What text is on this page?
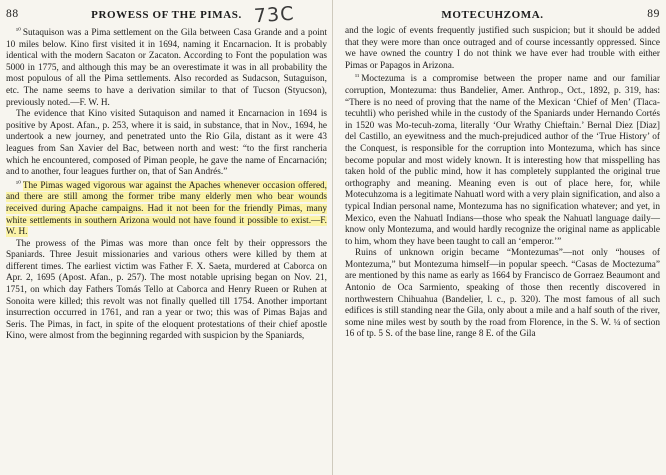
88	PROWESS OF THE PIMAS. 73C

$^{^{10}}$ Sutaquison was a Pima settlement on the Gila between Casa Grande and a point 10 miles below. Kino first visited it in 1694, naming it Encarnacion. It is probably identical with the modern Sacaton or Zacaton. According to Font the population was 5000 in 1775, and although this may be an overestimate it was in all probability the most populous of all the Pima settlements. Also recorded as Sudacson, Sutaguison, etc. The name seems to have a derivation similar to that of Tucson (Styucson), previously noted.—F. W. H.

The evidence that Kino visited Sutaquison and named it Encarnacion in 1694 is positive by Apost. Afan., p. 253, where it is said, in substance, that in Nov., 1694, he undertook a new journey, and penetrated unto the Rio Gila, distant as it were 43 leagues from San Xavier del Bac, between north and west: “to the first rancheria which he encountered, composed of Piman people, he gave the name of Encarnación; and to another, four leagues further on, that of San Andrés.”

$^{^{10}}$ The Pimas waged vigorous war against the Apaches whenever occasion offered, and there are still among the former tribe many elderly men who bear wounds received during Apache campaigns. Had it not been for the friendly Pimas, many white settlements in southern Arizona would not have found it possible to exist.—F. W. H.

The prowess of the Pimas was more than once felt by their oppressors the Spaniards. Three Jesuit missionaries and various others were killed by them at different times. The earliest victim was Father F. X. Saeta, murdered at Caborca on Apr. 2, 1695 (Apost. Afan., p. 257). The most notable uprising began on Nov. 21, 1751, on which day Fathers Tomás Tello at Caborca and Henry Rueen or Ruhen at Sonoita were killed; this revolt was not finally quelled till 1754. Another important insurrection occurred in 1761, and ran a year or two; this was of Pimas Bajas and Seris. The Pimas, in fact, in spite of the eloquent protestations of their chief apostle Kino, were almost from the beginning regarded with suspicion by the Spaniards,

MOTECUHZOMA.	89

and the logic of events frequently justified such suspicion; but it should be added that they were more than once outraged and of course incessantly oppressed. Since we have owned the country I do not think we have ever had trouble with either Pimas or Papagos in Arizona.

$^{^{11}}$ Moctezuma is a compromise between the proper name and our familiar corruption, Montezuma: thus Bandelier, Amer. Anthrop., Oct., 1892, p. 319, has: “There is no need of proving that the name of the Mexican ‘Chief of Men’ (Tlaca-tecuhtli) who perished while in the custody of the Spaniards under Hernando Cortés in 1520 was Mo-tecuh-zoma, literally ‘Our Wrathy Chieftain.’ Bernal Diez [Diaz] del Castillo, an eyewitness and the much-prejudiced author of the ‘True History’ of the Conquest, is responsible for the corruption into Montezuma, which has since become popular and most widely known. It is interesting how that misspelling has taken hold of the public mind, how it has completely supplanted the original true orthography and meaning. Meaning even is out of place here, for, while Motecuhzoma is a legitimate Nahuatl word with a very plain signification, and also a typical Indian personal name, Montezuma has no signification whatever; and yet, in Mexico, even the Nahuatl Indians—those who speak the Nahuatl language daily—know only Montezuma, and would hardly recognize the original name as applicable to him, whom they have been taught to call an ‘emperor.’”

Ruins of unknown origin became “Montezumas”—not only “houses of Montezuma,” but Montezuma himself—in popular speech. “Casas de Moctezuma” are mentioned by this name as early as 1664 by Francisco de Gorraez Beaumont and Antonio de Oca Sarmiento, speaking of those then recently discovered in northwestern Chihuahua (Bandelier, l. c., p. 320). The most famous of all such edifices is still standing near the Gila, only about a mile and a half south of the river, some nine miles west by south by the road from Florence, in the S. W. ¼ of section 16 of tp. 5 S. of the base line, range 8 E. of the Gila
